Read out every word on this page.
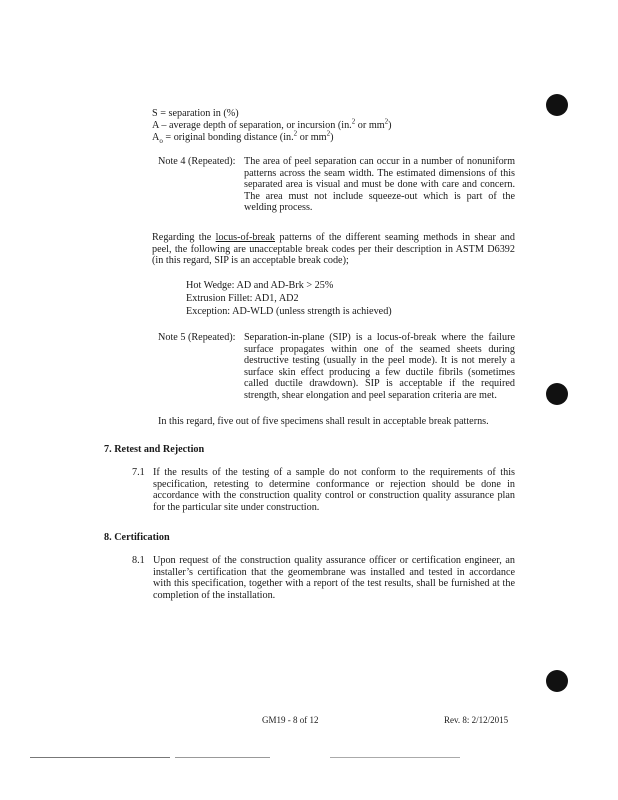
S = separation in (%)
A – average depth of separation, or incursion (in.$^2$ or $mm^2$)
$A_o$ = original bonding distance (in.$^2$ or $mm^2$)
Note 4 (Repeated): The area of peel separation can occur in a number of nonuniform patterns across the seam width. The estimated dimensions of this separated area is visual and must be done with care and concern. The area must not include squeeze-out which is part of the welding process.
Regarding the locus-of-break patterns of the different seaming methods in shear and peel, the following are unacceptable break codes per their description in ASTM D6392 (in this regard, SIP is an acceptable break code);
Hot Wedge: AD and AD-Brk > 25%
Extrusion Fillet: AD1, AD2
Exception: AD-WLD (unless strength is achieved)
Note 5 (Repeated): Separation-in-plane (SIP) is a locus-of-break where the failure surface propagates within one of the seamed sheets during destructive testing (usually in the peel mode). It is not merely a surface skin effect producing a few ductile fibrils (sometimes called ductile drawdown). SIP is acceptable if the required strength, shear elongation and peel separation criteria are met.
In this regard, five out of five specimens shall result in acceptable break patterns.
7. Retest and Rejection
7.1 If the results of the testing of a sample do not conform to the requirements of this specification, retesting to determine conformance or rejection should be done in accordance with the construction quality control or construction quality assurance plan for the particular site under construction.
8. Certification
8.1 Upon request of the construction quality assurance officer or certification engineer, an installer’s certification that the geomembrane was installed and tested in accordance with this specification, together with a report of the test results, shall be furnished at the completion of the installation.
GM19 - 8 of 12	Rev. 8: 2/12/2015
